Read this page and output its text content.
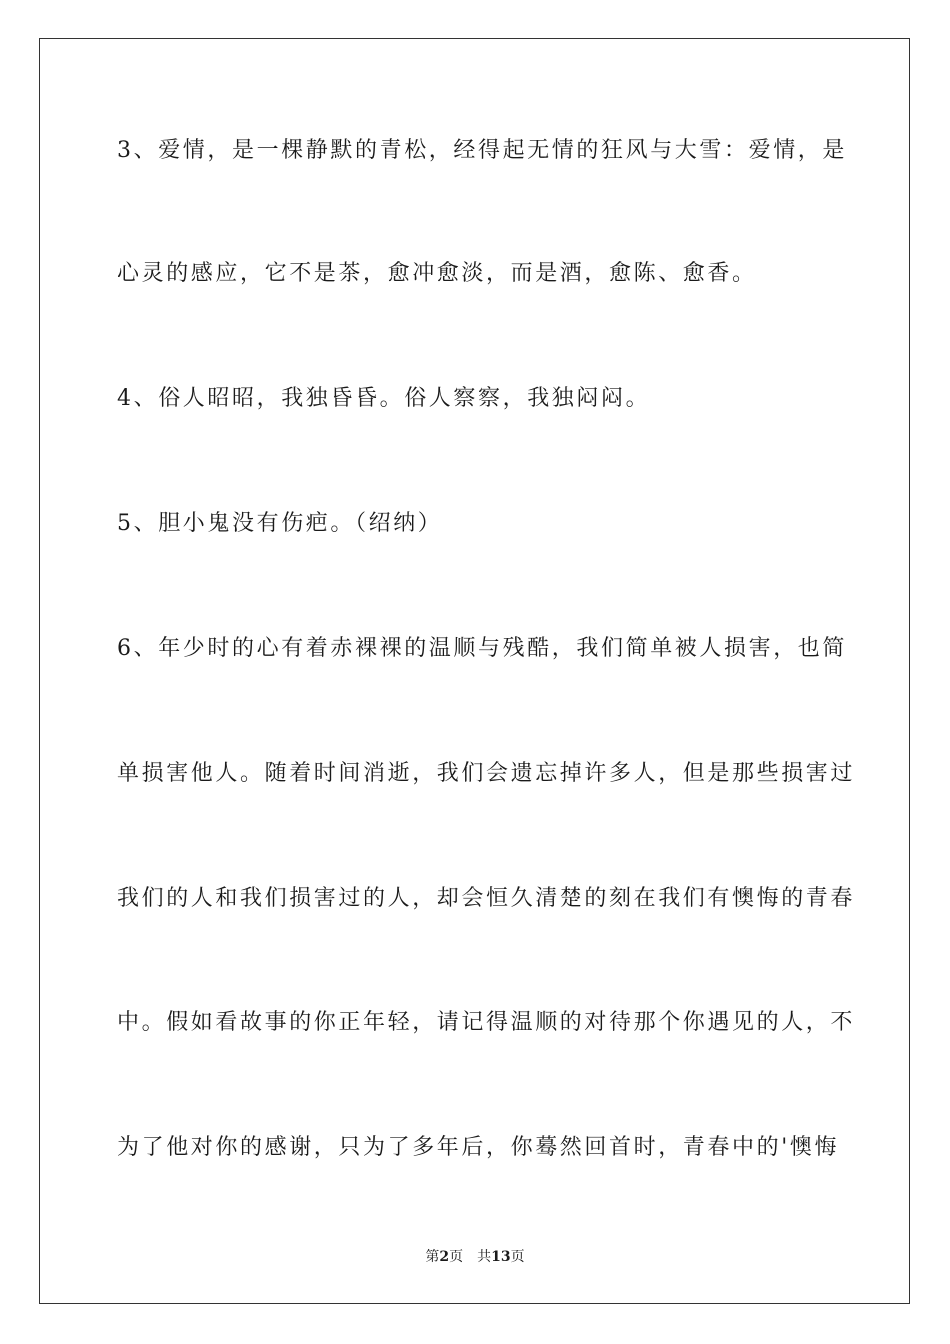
3、爱情，是一棵静默的青松，经得起无情的狂风与大雪：爱情，是
心灵的感应，它不是茶，愈冲愈淡，而是酒，愈陈、愈香。
4、俗人昭昭，我独昏昏。俗人察察，我独闷闷。
5、胆小鬼没有伤疤。（绍纳）
6、年少时的心有着赤裸裸的温顺与残酷，我们简单被人损害，也简
单损害他人。随着时间消逝，我们会遗忘掉许多人，但是那些损害过
我们的人和我们损害过的人，却会恒久清楚的刻在我们有懊悔的青春
中。假如看故事的你正年轻，请记得温顺的对待那个你遇见的人，不
为了他对你的感谢，只为了多年后，你蓦然回首时，青春中的'懊悔
第2页 共13页
